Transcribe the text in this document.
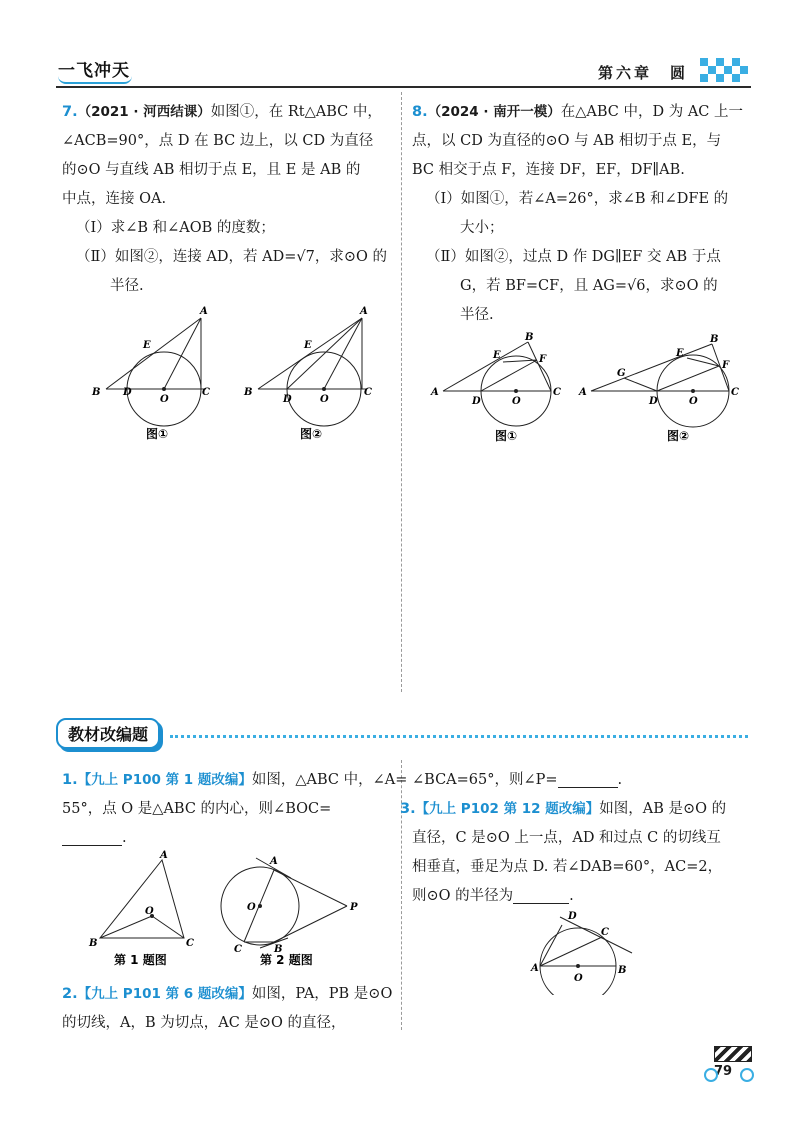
一飞冲天	第六章　圆
7.（2021 · 河西结课）如图①，在 Rt△ABC 中，
∠ACB=90°，点 D 在 BC 边上，以 CD 为直径
的⊙O 与直线 AB 相切于点 E，且 E 是 AB 的
中点，连接 OA.
（Ⅰ）求∠B 和∠AOB 的度数；
（Ⅱ）如图②，连接 AD，若 AD=√7，求⊙O 的
半径.
A
E
B D
O
C
图①
A
E
B
D	O
C
图②
8.（2024 · 南开一模）在△ABC 中，D 为 AC 上一
点，以 CD 为直径的⊙O 与 AB 相切于点 E，与
BC 相交于点 F，连接 DF，EF，DF∥AB.
（Ⅰ）如图①，若∠A=26°，求∠B 和∠DFE 的
大小；
（Ⅱ）如图②，过点 D 作 DG∥EF 交 AB 于点
G，若 BF=CF，且 AG=√6，求⊙O 的
半径.
B
E	F
A
D	O
C
图①
B
E
F
A
D	O
C
G
图②
教材改编题
1.【九上 P100 第 1 题改编】如图，△ABC 中，∠A=
55°，点 O 是△ABC 的内心，则∠BOC=
.
A
O
B	C
第 1 题图
A
O
C	B
P
第 2 题图
2.【九上 P101 第 6 题改编】如图，PA，PB 是⊙O
的切线，A，B 为切点，AC 是⊙O 的直径，
∠BCA=65°，则∠P=	.
3.【九上 P102 第 12 题改编】如图，AB 是⊙O 的
直径，C 是⊙O 上一点，AD 和过点 C 的切线互
相垂直，垂足为点 D. 若∠DAB=60°，AC=2，
则⊙O 的半径为	.
D
C
A
O
B
79
